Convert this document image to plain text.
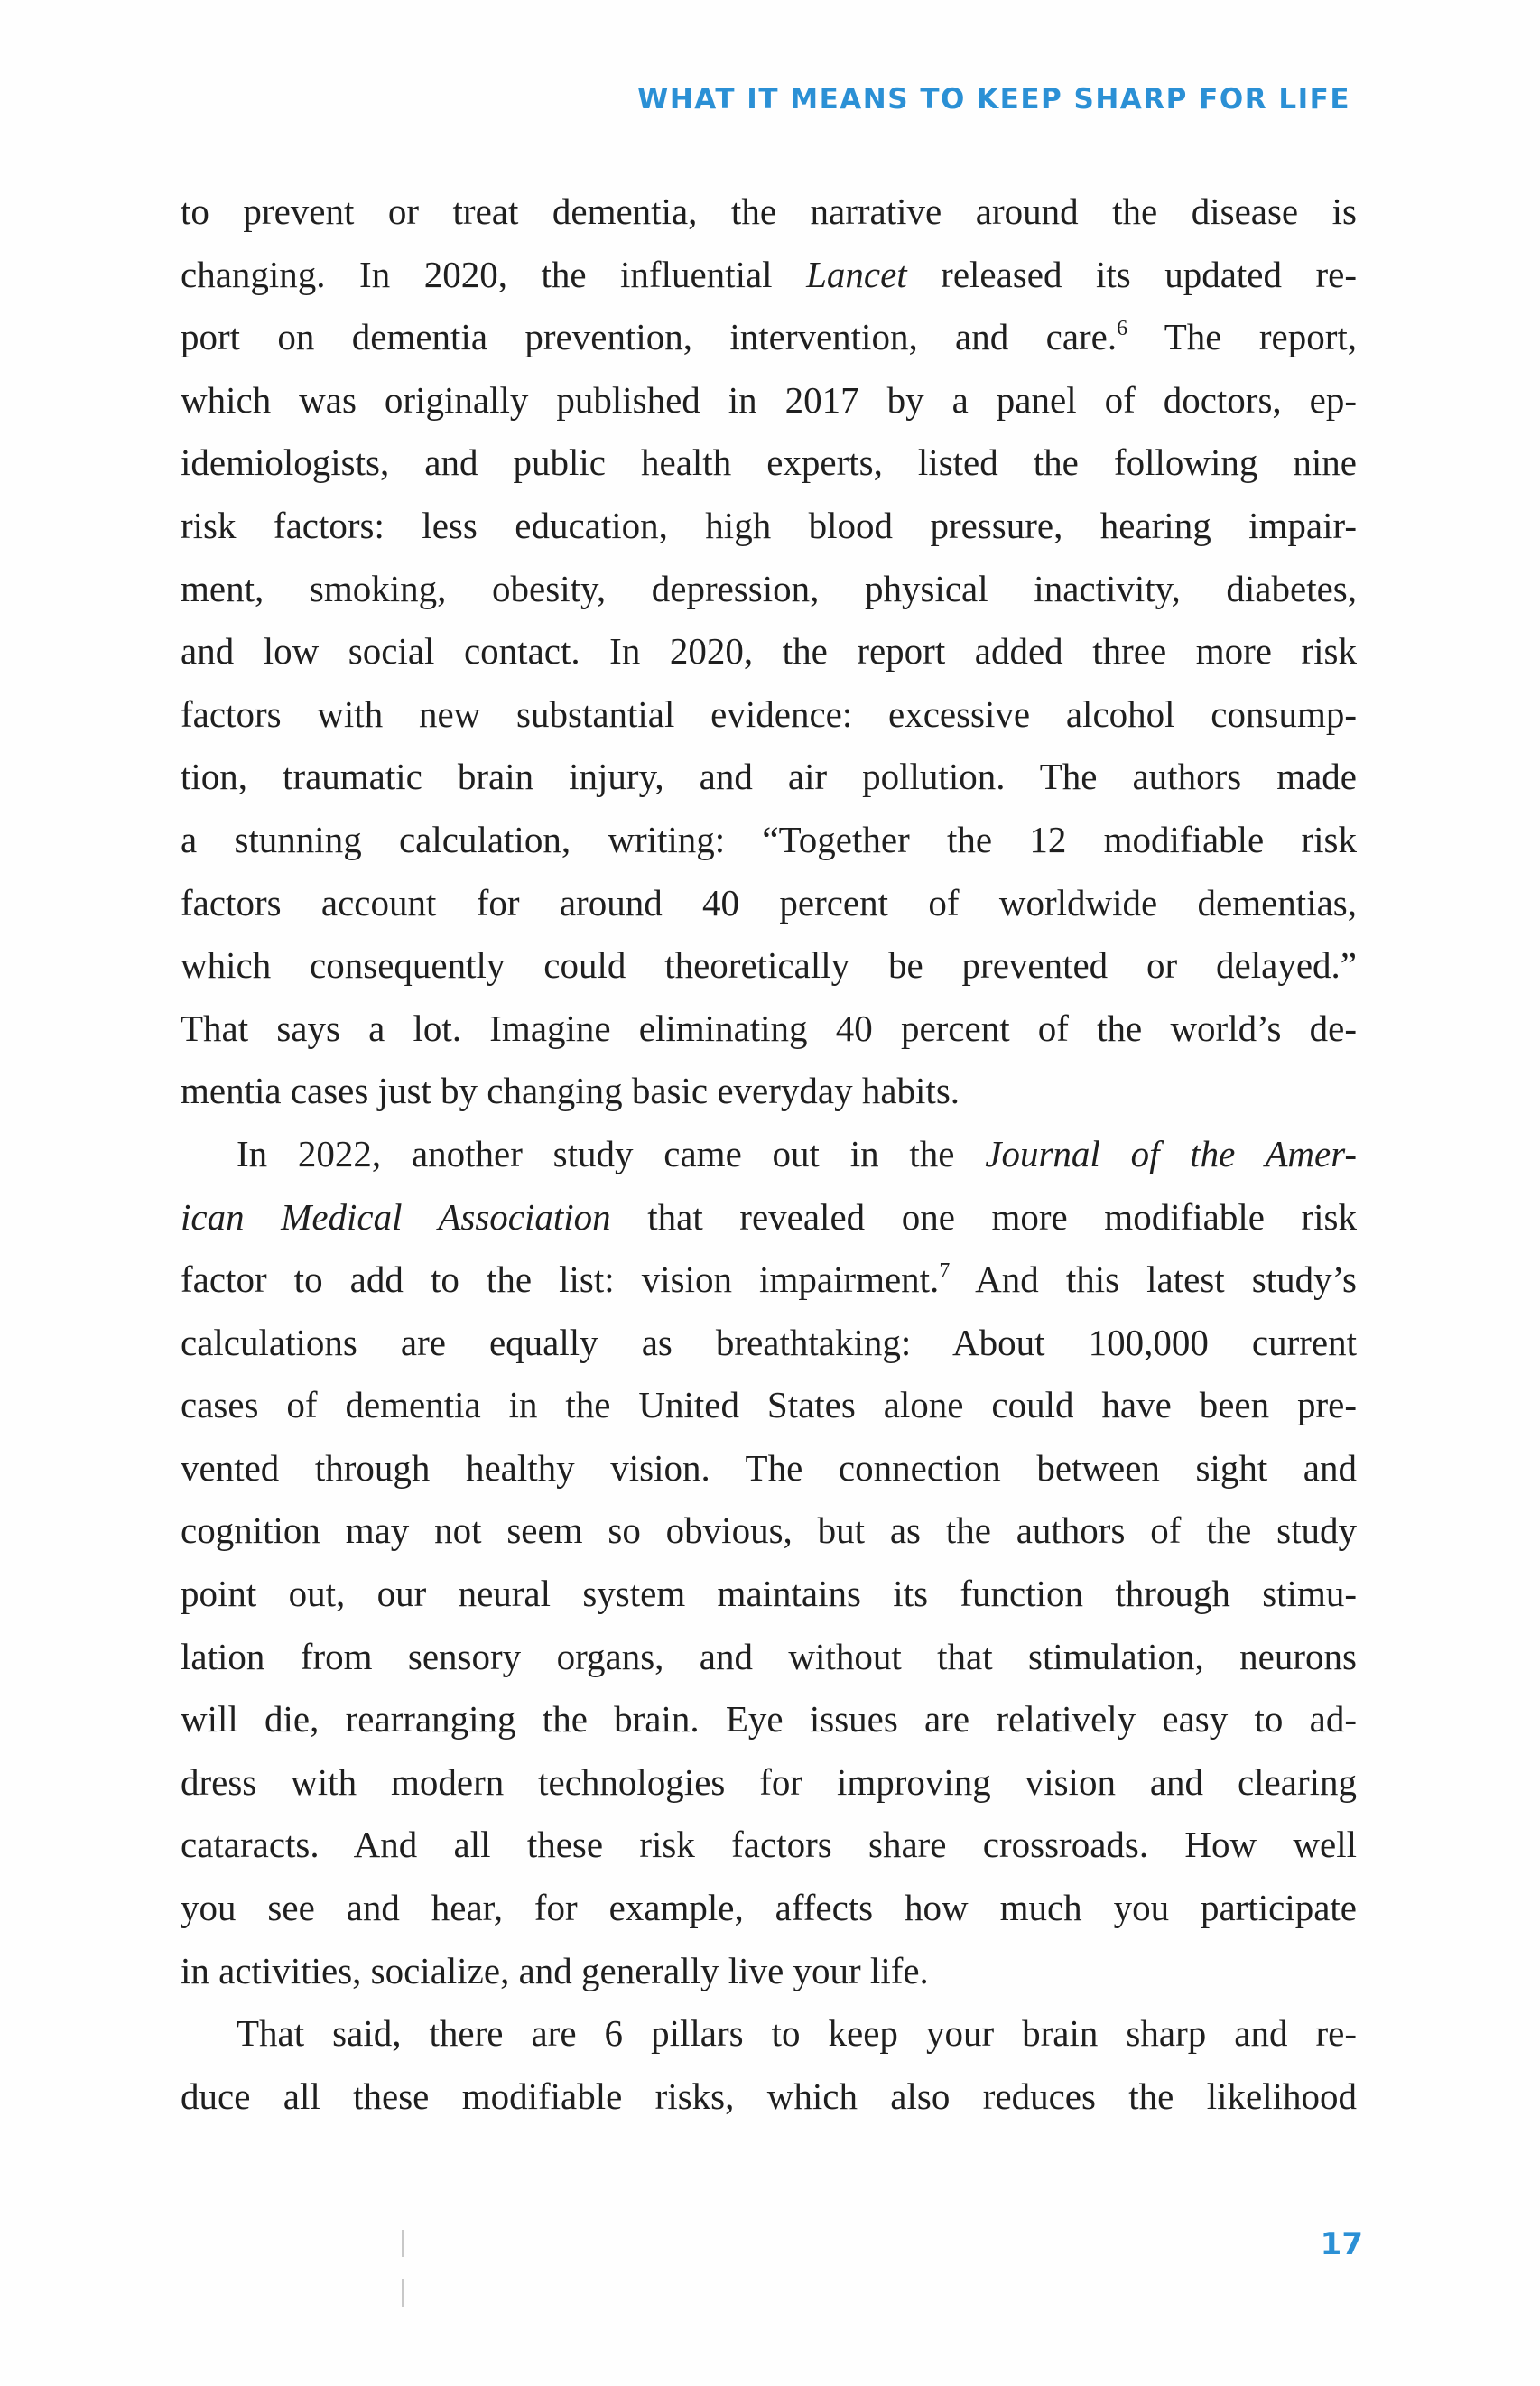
WHAT IT MEANS TO KEEP SHARP FOR LIFE
to prevent or treat dementia, the narrative around the disease is
changing. In 2020, the influential Lancet released its updated re-
port on dementia prevention, intervention, and care.$^6$ The report,
which was originally published in 2017 by a panel of doctors, ep-
idemiologists, and public health experts, listed the following nine
risk factors: less education, high blood pressure, hearing impair-
ment, smoking, obesity, depression, physical inactivity, diabetes,
and low social contact. In 2020, the report added three more risk
factors with new substantial evidence: excessive alcohol consump-
tion, traumatic brain injury, and air pollution. The authors made
a stunning calculation, writing: “Together the 12 modifiable risk
factors account for around 40 percent of worldwide dementias,
which consequently could theoretically be prevented or delayed.”
That says a lot. Imagine eliminating 40 percent of the world’s de-
mentia cases just by changing basic everyday habits.
In 2022, another study came out in the Journal of the Amer-
ican Medical Association that revealed one more modifiable risk
factor to add to the list: vision impairment.$^7$ And this latest study’s
calculations are equally as breathtaking: About 100,000 current
cases of dementia in the United States alone could have been pre-
vented through healthy vision. The connection between sight and
cognition may not seem so obvious, but as the authors of the study
point out, our neural system maintains its function through stimu-
lation from sensory organs, and without that stimulation, neurons
will die, rearranging the brain. Eye issues are relatively easy to ad-
dress with modern technologies for improving vision and clearing
cataracts. And all these risk factors share crossroads. How well
you see and hear, for example, affects how much you participate
in activities, socialize, and generally live your life.
That said, there are 6 pillars to keep your brain sharp and re-
duce all these modifiable risks, which also reduces the likelihood
17
